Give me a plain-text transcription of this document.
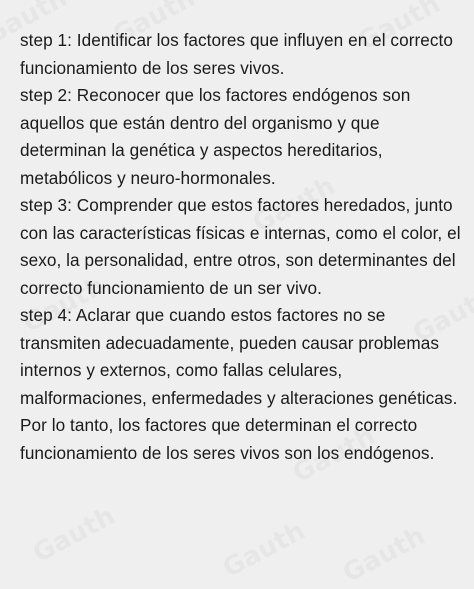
step 1: Identificar los factores que influyen en el correcto funcionamiento de los seres vivos.

step 2: Reconocer que los factores endógenos son aquellos que están dentro del organismo y que determinan la genética y aspectos hereditarios, metabólicos y neuro-hormonales.

step 3: Comprender que estos factores heredados, junto con las características físicas e internas, como el color, el sexo, la personalidad, entre otros, son determinantes del correcto funcionamiento de un ser vivo.

step 4: Aclarar que cuando estos factores no se transmiten adecuadamente, pueden causar problemas internos y externos, como fallas celulares, malformaciones, enfermedades y alteraciones genéticas.

Por lo tanto, los factores que determinan el correcto funcionamiento de los seres vivos son los endógenos.
